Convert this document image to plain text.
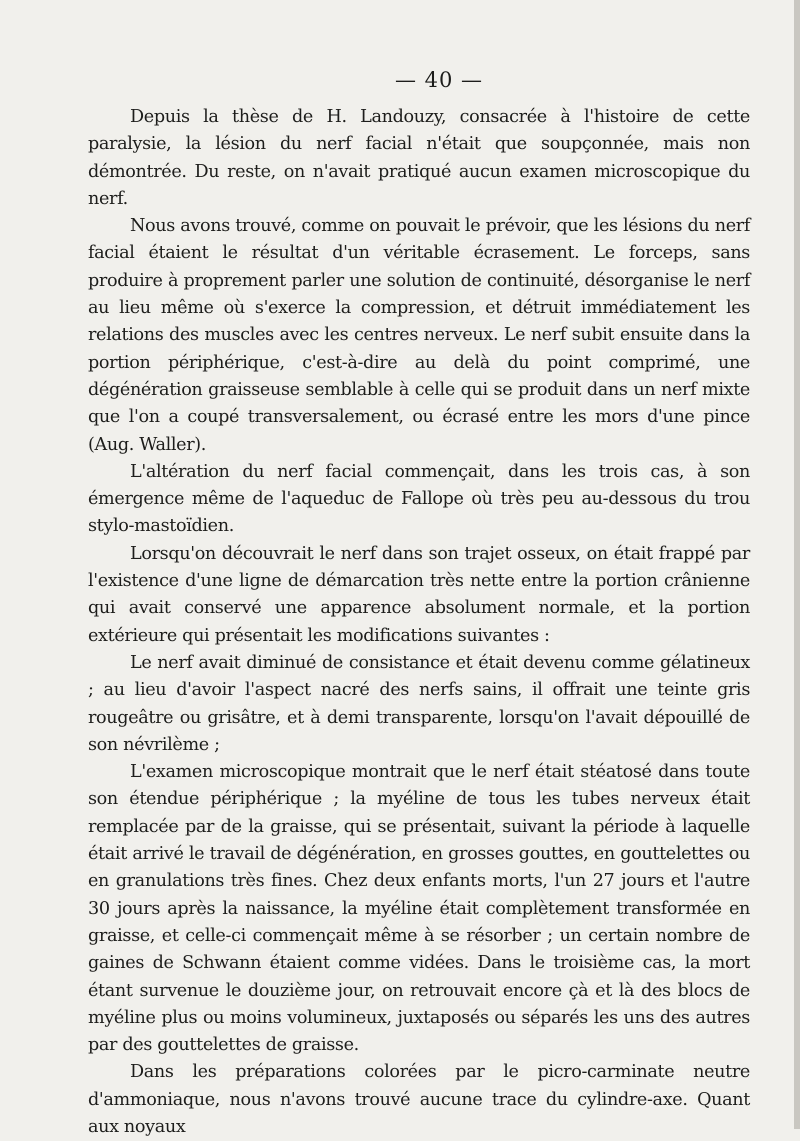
— 40 —

Depuis la thèse de H. Landouzy, consacrée à l'histoire de cette paralysie, la lésion du nerf facial n'était que soupçonnée, mais non démontrée. Du reste, on n'avait pratiqué aucun examen microscopique du nerf.

Nous avons trouvé, comme on pouvait le prévoir, que les lésions du nerf facial étaient le résultat d'un véritable écrasement. Le forceps, sans produire à proprement parler une solution de continuité, désorganise le nerf au lieu même où s'exerce la compression, et détruit immédiatement les relations des muscles avec les centres nerveux. Le nerf subit ensuite dans la portion périphérique, c'est-à-dire au delà du point comprimé, une dégénération graisseuse semblable à celle qui se produit dans un nerf mixte que l'on a coupé transversalement, ou écrasé entre les mors d'une pince (Aug. Waller).

L'altération du nerf facial commençait, dans les trois cas, à son émergence même de l'aqueduc de Fallope où très peu au-dessous du trou stylo-mastoïdien.

Lorsqu'on découvrait le nerf dans son trajet osseux, on était frappé par l'existence d'une ligne de démarcation très nette entre la portion crânienne qui avait conservé une apparence absolument normale, et la portion extérieure qui présentait les modifications suivantes :

Le nerf avait diminué de consistance et était devenu comme gélatineux ; au lieu d'avoir l'aspect nacré des nerfs sains, il offrait une teinte gris rougeâtre ou grisâtre, et à demi transparente, lorsqu'on l'avait dépouillé de son névrilème ;

L'examen microscopique montrait que le nerf était stéatosé dans toute son étendue périphérique ; la myéline de tous les tubes nerveux était remplacée par de la graisse, qui se présentait, suivant la période à laquelle était arrivé le travail de dégénération, en grosses gouttes, en gouttelettes ou en granulations très fines. Chez deux enfants morts, l'un 27 jours et l'autre 30 jours après la naissance, la myéline était complètement transformée en graisse, et celle-ci commençait même à se résorber ; un certain nombre de gaines de Schwann étaient comme vidées. Dans le troisième cas, la mort étant survenue le douzième jour, on retrouvait encore çà et là des blocs de myéline plus ou moins volumineux, juxtaposés ou séparés les uns des autres par des gouttelettes de graisse.

Dans les préparations colorées par le picro-carminate neutre d'ammoniaque, nous n'avons trouvé aucune trace du cylindre-axe. Quant aux noyaux
